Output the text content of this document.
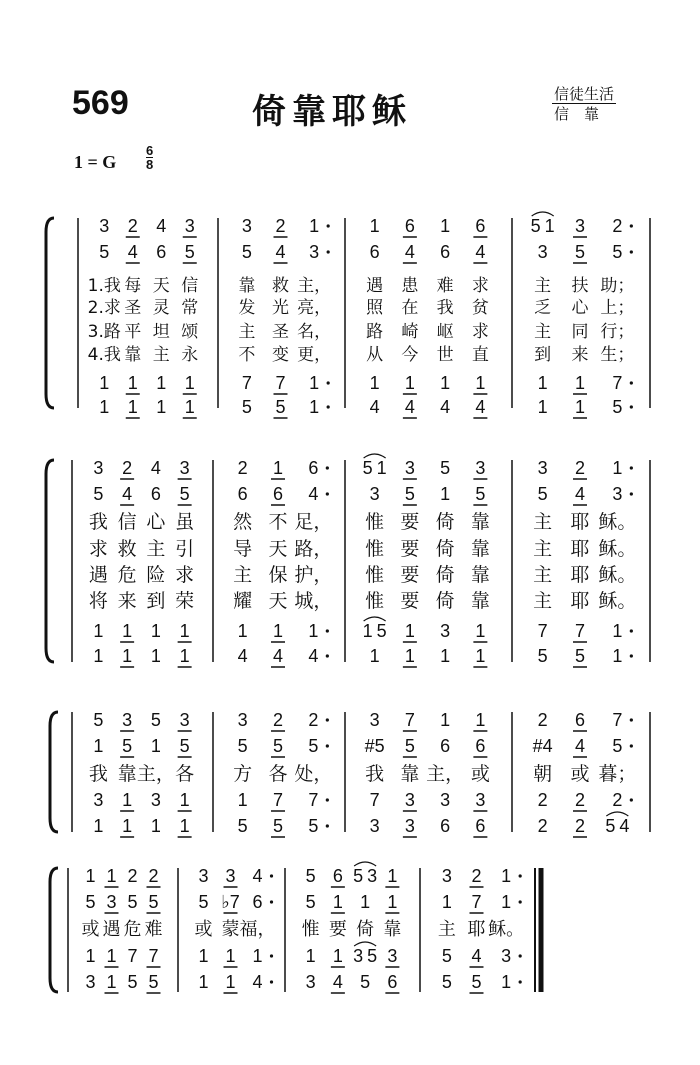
569	倚靠耶稣	信徒生活
信　靠
1 = G
6
8
3 2 4 3
5 4 6 5
1 1 1 1
1 1 1 1
1.我 每 天 信
2.求 圣 灵 常
3.路 平 坦 颂
4.我 靠 主 永
3 2 1
5 4 3
7 7 1
5 5 1
靠 救 主，
发 光 亮，
主 圣 名，
不 变 更，
1 6 1 6
6 4 6 4
1 1 1 1
4 4 4 4
遇 患 难 求
照 在 我 贫
路 崎 岖 求
从 今 世 直
5 1 3 2
3 5 5
1 1 7
1 1 5
主 扶 助；
乏 心 上；
主 同 行；
到 来 生；
3 2 4 3
5 4 6 5
1 1 1 1
1 1 1 1
我 信 心 虽
求 救 主 引
遇 危 险 求
将 来 到 荣
2 1 6
6 6 4
1 1 1
4 4 4
然 不 足，
导 天 路，
主 保 护，
耀 天 城，
5 1 3 5 3
3 5 1 5
1 5 1 3 1
1 1 1 1
惟 要 倚 靠
惟 要 倚 靠
惟 要 倚 靠
惟 要 倚 靠
3 2 1
5 4 3
7 7 1
5 5 1
主 耶 稣。
主 耶 稣。
主 耶 稣。
主 耶 稣。
5 3 5 3
1 5 1 5
3 1 3 1
1 1 1 1
我 靠 主， 各
3 2 2
5 5 5
1 7 7
5 5 5
方 各 处，
3 7 1 1
#5 5 6 6
7 3 3 3
3 3 6 6
我 靠 主， 或
2 6 7
#4 4 5
2 2 2
2 2 5 4
朝 或 暮；
1 1 2 2
5 3 5 5
1 1 7 7
3 1 5 5
或 遇 危 难
3 3 4
5 ♭7 6
1 1 1
1 1 4
或 蒙 福，
5 6 5 3 1
5 1 1 1
1 1 3 5 3
3 4 5 6
惟 要 倚 靠
3 2 1
1 7 1
5 4 3
5 5 1
主 耶 稣。
